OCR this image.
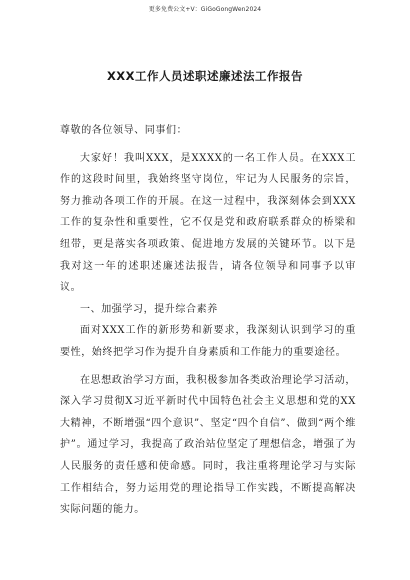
更多免费公文+V：GiGoGongWen2024
XXX工作人员述职述廉述法工作报告

尊敬的各位领导、同事们：

大家好！我叫XXX，是XXXX的一名工作人员。在XXX工作的这段时间里，我始终坚守岗位，牢记为人民服务的宗旨，努力推动各项工作的开展。在这一过程中，我深刻体会到XXX工作的复杂性和重要性，它不仅是党和政府联系群众的桥梁和纽带，更是落实各项政策、促进地方发展的关键环节。以下是我对这一年的述职述廉述法报告，请各位领导和同事予以审议。

一、加强学习，提升综合素养

面对XXX工作的新形势和新要求，我深刻认识到学习的重要性，始终把学习作为提升自身素质和工作能力的重要途径。

在思想政治学习方面，我积极参加各类政治理论学习活动，深入学习贯彻X习近平新时代中国特色社会主义思想和党的XX大精神，不断增强“四个意识”、坚定“四个自信”、做到“两个维护”。通过学习，我提高了政治站位坚定了理想信念，增强了为人民服务的责任感和使命感。同时，我注重将理论学习与实际工作相结合，努力运用党的理论指导工作实践，不断提高解决实际问题的能力。
